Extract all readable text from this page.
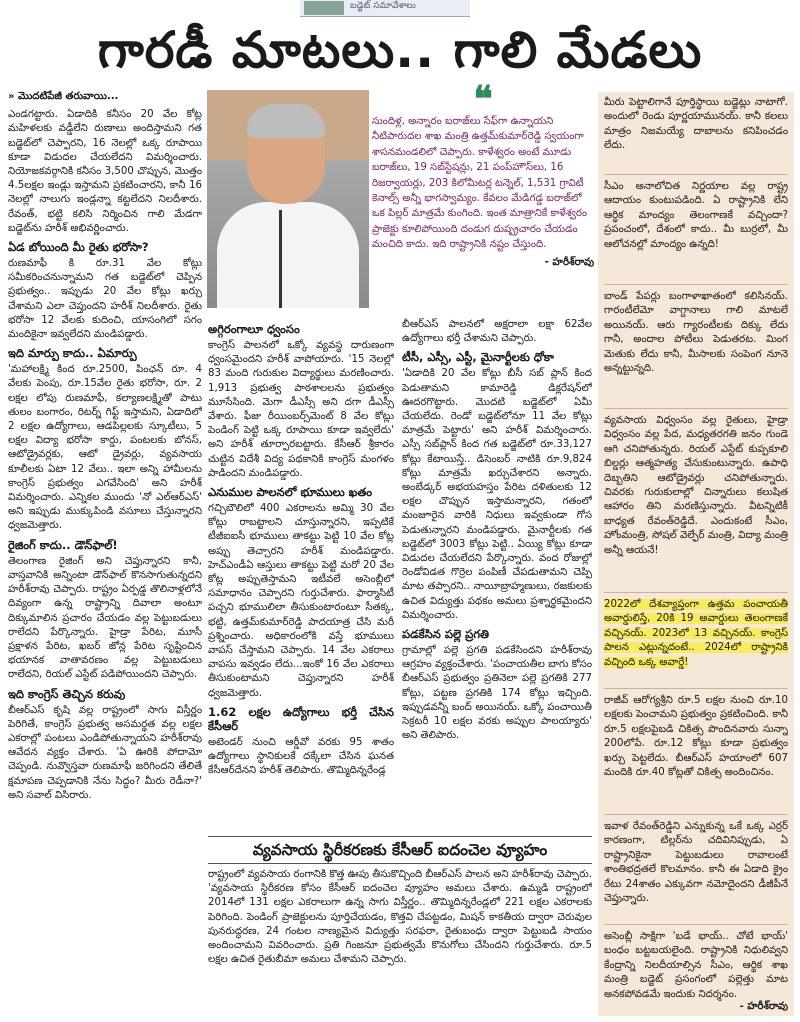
బడ్జెట్ సమావేశాలు
గారడీ మాటలు.. గాలి మేడలు

» మొదటిపేజీ తరువాయి...

ఎండగట్టారు. ఏడాదికి కనీసం 20 వేల కోట్ల మహిళలకు వడ్డీలేని రుణాలు అందిస్తామని గత బడ్జెట్‌లో చెప్పారని, 16 నెలల్లో ఒక్క రూపాయి కూడా విడుదల చేయలేదని విమర్శించారు. నియోజకవర్గానికి కనీసం 3,500 చొప్పున, మొత్తం 4.5లక్షల ఇండ్లు ఇస్తామని ప్రకటించారని, కానీ 16 నెలల్లో నాలుగు ఇండ్లన్నా కట్టలేదని నిలదీశారు. రేవంత్, భట్టి కలిసి నిర్మించిన గాలి మేడగా బడ్జెట్‌ను హరీశ్ అభివర్ణించారు.

ఏడ బోయింది మీ రైతు భరోసా?

రుణమాఫీ కి రూ.31 వేల కోట్లు సమీకరించనున్నామని గత బడ్జెట్‌లో చెప్పిన ప్రభుత్వం.. ఇప్పుడు 20 వేల కోట్లు ఖర్చు చేశామని ఎలా చెప్తుందని హరీశ్ నిలదీశారు. రైతు భరోసా 12 వేలకు కుదించి, యాసంగిలో సగం మందికైనా ఇవ్వలేదని మండిపడ్డారు.

ఇది మార్పు కాదు.. ఏమార్పు

'మహాలక్ష్మి కింద రూ.2500, పింఛన్ రూ. 4 వేలకు పెంపు, రూ.15వేల రైతు భరోసా, రూ. 2 లక్షల లోపు రుణమాఫీ, కల్యాణలక్ష్మితో పాటు తులం బంగారం, రిటర్న్ గిఫ్ట్ ఇస్తామని, ఏడాదిలో 2 లక్షల ఉద్యోగాలు, ఆడపిల్లలకు స్కూటీలు, 5 లక్షల విద్యా భరోసా కార్డు, పంటలకు బోనస్, ఆటోడ్రైవర్లకు, ఆటో డ్రైవర్లు, వ్యవసాయ కూలీలకు ఏటా 12 వేలు.. ఇలా అన్ని హామీలను కాంగ్రెస్ ప్రభుత్వం ఎగవేసింది' అని హరీశ్ విమర్శించారు. ఎన్నికల ముందు 'నో ఎల్ఆర్ఎస్' అని ఇప్పుడు ముక్కుపిండి వసూలు చేస్తున్నారని ధ్వజమెత్తారు.

రైజింగ్ కాదు.. డౌన్‌ఫాల్!

తెలంగాణ రైజింగ్ అని చెప్తున్నారని కానీ, వాస్తవానికి అన్నింటా డౌన్‌ఫాల్ కొనసాగుతున్నదని హరీశ్‌రావు చెప్పారు. రాష్ట్రం ఏర్పడ్డ తొలినాళ్లలోనే దివ్యంగా ఉన్న రాష్ట్రాన్ని దివాలా అంటూ దిక్కుమాలిన ప్రచారం చేయడం వల్ల పెట్టుబడులు రాలేదని పేర్కొన్నారు. హైడ్రా పేరిట, మూసీ ప్రక్షాళన పేరిట, ఖబర్ జోన్ల పేరిట సృష్టించిన భయానక వాతావరణం వల్ల పెట్టుబడులు రాలేదని, రియల్ ఎస్టేట్ పడిపోయిందని చెప్పారు.

ఇది కాంగ్రెస్ తెచ్చిన కరువు

బీఆర్ఎస్ కృషి వల్ల రాష్ట్రంలో సాగు విస్తీర్ణం పెరిగితే, కాంగ్రెస్ ప్రభుత్వ అసమర్థత వల్ల లక్షల ఎకరాల్లో పంటలు ఎండిపోతున్నాయని హరీశ్‌రావు ఆవేదన వ్యక్తం చేశారు. 'ఏ ఊరికి పోదామో చెప్పండి. నువ్వొస్తవా రుణమాఫీ జరిగిందని తేలితే క్షమాపణ చెప్పడానికి నేను సిద్ధం? మీరు రెడీనా?' అని సవాల్ విసిరారు.

❝
సుందిళ్ల, అన్నారం బరాజ్‌లు సేఫ్‌గా ఉన్నాయని నీటిపారుదల శాఖ మంత్రి ఉత్తమ్‌కుమార్‌రెడ్డి స్వయంగా శాసనమండలిలో చెప్పారు. కాళేశ్వరం అంటే మూడు బరాజ్‌లు, 19 సబ్‌స్టేషన్లు, 21 పంప్‌హౌస్‌లు, 16 రిజర్వాయర్లు, 203 కిలోమీటర్ల టన్నెల్, 1,531 గ్రావిటీ కెనాల్స్ అన్నీ భాగస్వామ్యం. కేవలం మేడిగడ్డ బరాజ్‌లో ఒక పిల్లర్ మాత్రమే కుంగింది. ఇంత మాత్రానికే కాళేశ్వరం ప్రాజెక్టు కూలిపోయింది దండుగ దుష్ప్రచారం చేయడం మంచిది కాదు. ఇది రాష్ట్రానికి నష్టం చేస్తుంది.
- హరీశ్‌రావు
అగ్గిరంగాలూ ధ్వంసం

కాంగ్రెస్ పాలనలో ఒక్కో వ్యవస్థ దారుణంగా ధ్వంసమైందని హరీశ్ వాపోయారు. '15 నెలల్లో 83 మంది గురుకుల విద్యార్థులు మరణించారు. 1,913 ప్రభుత్వ పాఠశాలలను ప్రభుత్వం మూసేసింది. మెగా డీఎస్సీ అని దగా డీఎస్సీ వేశారు. ఫీజు రీయింబర్స్‌మెంట్ 8 వేల కోట్లు పెండింగ్ పెట్టి ఒక్క రూపాయి కూడా ఇవ్వలేదు' అని హరీశ్ తూర్పారబట్టారు. కేసీఆర్ శ్రీకారం చుట్టిన విదేశీ విద్య పథకానికి కాంగ్రెస్ మంగళం పాడిందని మండిపడ్డారు.

ఎనుముల పాలనలో భూములు ఖతం

గచ్చిబౌలిలో 400 ఎకరాలను అమ్మి 30 వేల కోట్లు రాబట్టాలని చూస్తున్నారని, ఇప్పటికే టీజీఐఐసీ భూములు తాకట్టు పెట్టి 10 వేల కోట్ల అప్పు తెచ్చారని హరీశ్ మండిపడ్డారు. హెచ్ఎండీఏ ఆస్తులు తాకట్టు పెట్టి మరో 20 వేల కోట్ల అప్పుతెస్తామని ఇటీవలే అసెంబ్లీలో సమాధానం చెప్పారని గుర్తుచేశారు. ఫార్మాసిటీ పచ్చని భూములిలా తీసుకుంటారంటూ సీతక్క, భట్టి, ఉత్తమ్‌కుమార్‌రెడ్డి పాదయాత్ర చేసి మరీ ప్రశ్నించారు. అధికారంలోకి వస్తే భూములు వాపస్ చేస్తామని చెప్పారు. 14 వేల ఎకరాలు వాపసు ఇవ్వడం లేదు...ఇంకో 16 వేల ఎకరాలు తీసుకుంటామని చెప్తున్నారని హరీశ్ ధ్వజమెత్తారు.

1.62 లక్షల ఉద్యోగాలు భర్తీ చేసిన కేసీఆర్

అటెండర్ నుంచి ఆర్డీవో వరకు 95 శాతం ఉద్యోగాలు స్థానికులకే దక్కేలా చేసిన ఘనత కేసీఆర్‌దేనని హరీశ్ తెలిపారు. తొమ్మిదిన్నరేండ్ల

బీఆర్ఎస్ పాలనలో అక్షరాలా లక్షా 62వేల ఉద్యోగాలు భర్తీ చేశామని చెప్పారు.

టీసీ, ఎస్సీ, ఎస్టీ, మైనార్టీలకు ధోకా

'ఏడాదికి 20 వేల కోట్లు బీసీ సబ్ ప్లాన్ కింద పెడుతామని కామారెడ్డి డిక్లరేషన్‌లో ఊదరగొట్టారు. మొదటి బడ్జెట్‌లో ఏమీ చేయలేదు. రెండో బడ్జెట్‌లోనూ 11 వేల కోట్లు మాత్రమే పెట్టారు' అని హరీశ్ విమర్శించారు. ఎస్సీ సబ్‌ప్లాన్ కింద గత బడ్జెట్‌లో రూ.33,127 కోట్లు కేటాయిస్తే.. డిసెంబర్ నాటికి రూ.9,824 కోట్లు మాత్రమే ఖర్చుచేశారని అన్నారు. అంబేడ్కర్ అభయహస్తం పేరిట దళితులకు 12 లక్షల చొప్పున ఇస్తామన్నారని, గతంలో మంజూరైన వారికి నిధులు ఇవ్వకుండా గోస పెడుతున్నారని మండిపడ్డారు. మైనార్టీలకు గత బడ్జెట్‌లో 3003 కోట్లు పెట్టి.. ఏయ్యి కోట్లు కూడా విడుదల చేయలేదని పేర్కొన్నారు. వంద రోజుల్లో రెండోవిడత గొర్రెల పంపిణీ చేపడుతామని చెప్పి మాట తప్పారని.. నాయీబ్రాహ్మణులు, రజకులకు ఉచిత విద్యుత్తు పథకం అమలు ప్రశ్నార్థకమైందని విమర్శించారు.

పడకేసిన పల్లె ప్రగతి

గ్రామాల్లో పల్లె ప్రగతి పడకేసిందని హరీశ్‌రావు ఆగ్రహం వ్యక్తంచేశారు. 'పంచాయతీల బాగు కోసం బీఆర్ఎస్ ప్రభుత్వం ప్రతినెలా పల్లె ప్రగతికి 277 కోట్లు, పట్టణ ప్రగతికి 174 కోట్లు ఇచ్చింది. ఇప్పుడవన్నీ బంద్ అయినయ్. ఒక్కో పంచాయితీ సెక్రటరీ 10 లక్షల వరకు అప్పుల పాలయ్యారు' అని తెలిపారు.

వ్యవసాయ స్థిరీకరణకు కేసీఆర్ ఐదంచెల వ్యూహం

రాష్ట్రంలో వ్యవసాయ రంగానికి కొత్త ఊపు తీసుకొచ్చింది బీఆర్ఎస్ పాలన అని హరీశ్‌రావు చెప్పారు. 'వ్యవసాయ స్థిరీకరణ కోసం కేసీఆర్ ఐదంచెల వ్యూహం అమలు చేశారు. ఉమ్మడి రాష్ట్రంలో 2014లో 131 లక్షల ఎకరాలుగా ఉన్న సాగు విస్తీర్ణం.. తొమ్మిదిన్నరేండ్లలో 221 లక్షల ఎకరాలకు పెరిగింది. పెండింగ్ ప్రాజెక్టులను పూర్తిచేయడం, కొత్తవి చేపట్టడం, మిషన్ కాకతీయ ద్వారా చెరువుల పునరుద్ధరణ, 24 గంటల నాణ్యమైన విద్యుత్తు సరఫరా, రైతుబంధు ద్వారా పెట్టుబడి సాయం అందించామని వివరించారు. ప్రతి గింజనూ ప్రభుత్వమే కొనుగోలు చేసిందని గుర్తుచేశారు. రూ.5 లక్షల ఉచిత రైతుబీమా అమలు చేశామని చెప్పారు.

మీరు పెట్టాలిగానే పూర్తిస్థాయి బడ్జెట్లు నాటాగో. అందులో రెండు పూర్ణయామునయ్. కానీ కలలు మాత్రం నిజమయ్యే దాబాలను కనిపించడం లేదు.
సీఎం అనాలోచిత నిర్ణయాల వల్ల రాష్ట్ర ఆదాయం కుంటుపడింది. ఏ రాష్ట్రానికి లేని ఆర్థిక మాంద్యం తెలంగాణకే వచ్చిందా? ప్రపంచంలో, దేశంలో కాదు.. మీ బుర్రలో, మీ ఆలోచనల్లో మాంద్యం ఉన్నది!
బాండ్ పేపర్లు బంగాళాఖాతంలో కలిసినయ్. గారంటీలేమో వాగ్దానాలు గాలి మాటలే అయినయ్. ఆరు గ్యారంటీలకు దిక్కు లేదు గానీ, అందాల పోటీలు పెడుతరట. మింగ మెతుకు లేదు కానీ, మీసాలకు సంపెంగ నూనె అన్నట్టున్నది.
వ్యవసాయ విధ్వంసం వల్ల రైతులు, హైడ్రా విధ్వంసం వల్ల పేద, మధ్యతరగతి జనం గుండె ఆగి చనిపోతున్నరు. రియల్ ఎస్టేట్ కుప్పకూలి బిల్డర్లు ఆత్మహత్య చేసుకుంటున్నారు. ఉపాధి దెబ్బతిని ఆటోడ్రైవర్లు చనిపోతున్నారు. చివరకు గురుకులాల్లో చిన్నారులు కలుషిత ఆహారం తిని మరణిస్తున్నారు. వీటన్నిటికీ బాధ్యత రేవంత్‌రెడ్డిదే. ఎందుకంటే సీఎం, హోంమంత్రి, సోషల్ వెల్ఫేర్ మంత్రి, విద్యా మంత్రి అన్నీ ఆయనే!
2022లో దేశవ్యాప్తంగా ఉత్తమ పంచాయతీ అవార్డులిస్తే, 20కి 19 అవార్డులు తెలంగాణకే వచ్చినయ్. 2023లో 13 వచ్చినయ్. కాంగ్రెస్ పాలన ఎట్లున్నదంటే.. 2024లో రాష్ట్రానికి వచ్చింది ఒక్క అవార్డే!
రాజీవ్ ఆరోగ్యశ్రీని రూ.5 లక్షల నుంచి రూ.10 లక్షలకు పెంచామని ప్రభుత్వం ప్రకటించింది. కానీ రూ.5 లక్షలపైబడి చికిత్స పొందినవారు సున్నా 200లోపే. రూ.12 కోట్లు కూడా ప్రభుత్వం ఖర్చు పెట్టలేదు. బీఆర్ఎస్ హయాంలో 607 మందికి రూ.40 కోట్లతో చికిత్స అందించినం.
ఇవాళ రేవంత్‌రెడ్డిని ఎన్నుకున్న ఒకే ఒక్క ఎర్రర్ కారణంగా, టిల్లర్‌ను చదివినిప్పుడు, ఏ రాష్ట్రానికైనా పెట్టుబడులు రావాలంటే శాంతిభద్రతలే కొలమానం. కానీ ఈ ఏడాది క్రైం రేటు 24శాతం ఎక్కువగా నమోదైందని డీజీపీనే చెప్తున్నారు.
అసెంబ్లీ సాక్షిగా 'బడే భాయ్.. చోటే భాయ్' బంధం బట్టబయలైంది. రాష్ట్రానికి నిధులివ్వని కేంద్రాన్ని నిలదీయాల్సిన సీఎం, ఆర్థిక శాఖ మంత్రి బడ్జెట్ ప్రసంగంలో పల్లెత్తు మాట అనకపోవడమే ఇందుకు నిదర్శనం.
- హరీశ్‌రావు
